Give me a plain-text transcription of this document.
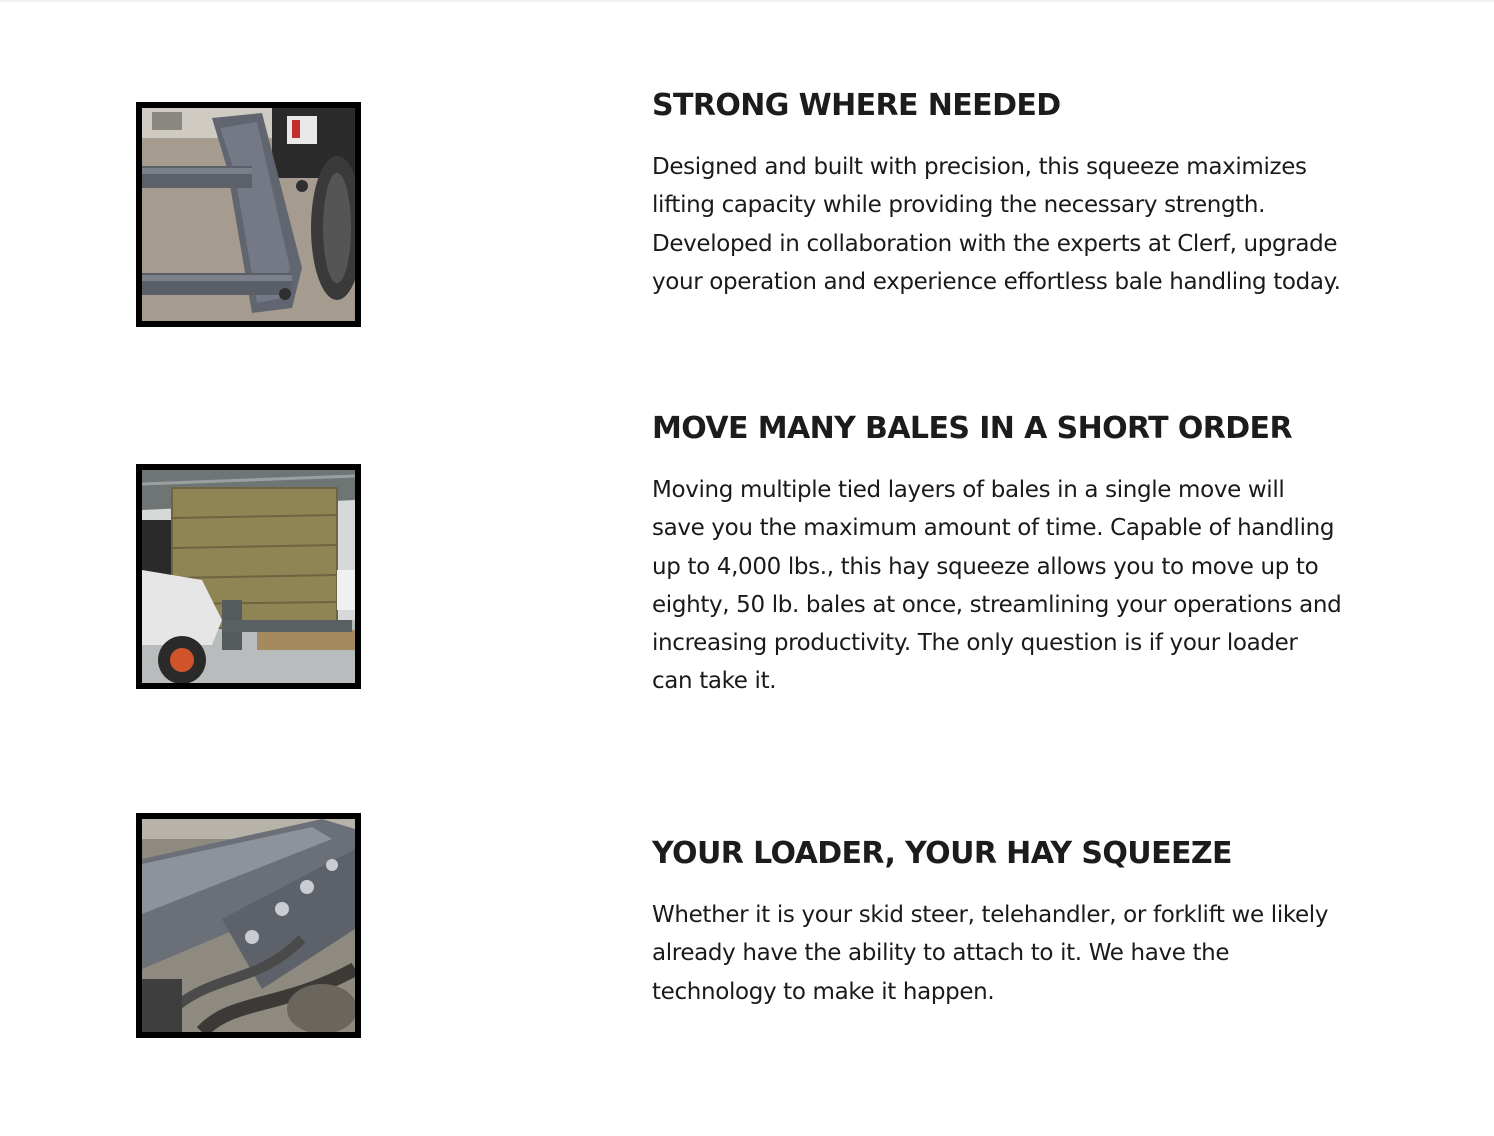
STRONG WHERE NEEDED

Designed and built with precision, this squeeze maximizes lifting capacity while providing the necessary strength. Developed in collaboration with the experts at Clerf, upgrade your operation and experience effortless bale handling today.

MOVE MANY BALES IN A SHORT ORDER

Moving multiple tied layers of bales in a single move will save you the maximum amount of time. Capable of handling up to 4,000 lbs., this hay squeeze allows you to move up to eighty, 50 lb. bales at once, streamlining your operations and increasing productivity. The only question is if your loader can take it.

YOUR LOADER, YOUR HAY SQUEEZE

Whether it is your skid steer, telehandler, or forklift we likely already have the ability to attach to it. We have the technology to make it happen.
